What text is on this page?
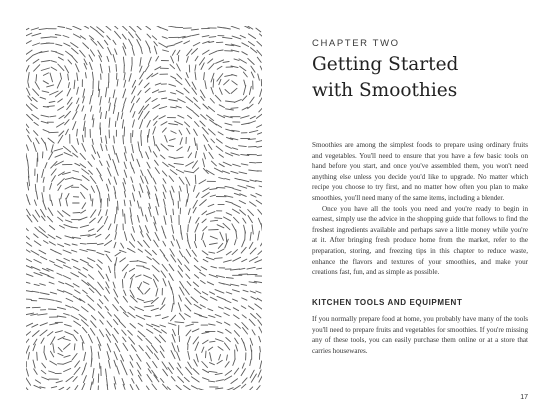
CHAPTER TWO
Getting Started
with Smoothies

Smoothies are among the simplest foods to prepare using ordinary fruits and vegetables. You'll need to ensure that you have a few basic tools on hand before you start, and once you've assembled them, you won't need anything else unless you decide you'd like to upgrade. No matter which recipe you choose to try first, and no matter how often you plan to make smoothies, you'll need many of the same items, including a blender.

Once you have all the tools you need and you're ready to begin in earnest, simply use the advice in the shopping guide that follows to find the freshest ingredients available and perhaps save a little money while you're at it. After bringing fresh produce home from the market, refer to the preparation, storing, and freezing tips in this chapter to reduce waste, enhance the flavors and textures of your smoothies, and make your creations fast, fun, and as simple as possible.

KITCHEN TOOLS AND EQUIPMENT

If you normally prepare food at home, you probably have many of the tools you'll need to prepare fruits and vegetables for smoothies. If you're missing any of these tools, you can easily purchase them online or at a store that carries housewares.

17
